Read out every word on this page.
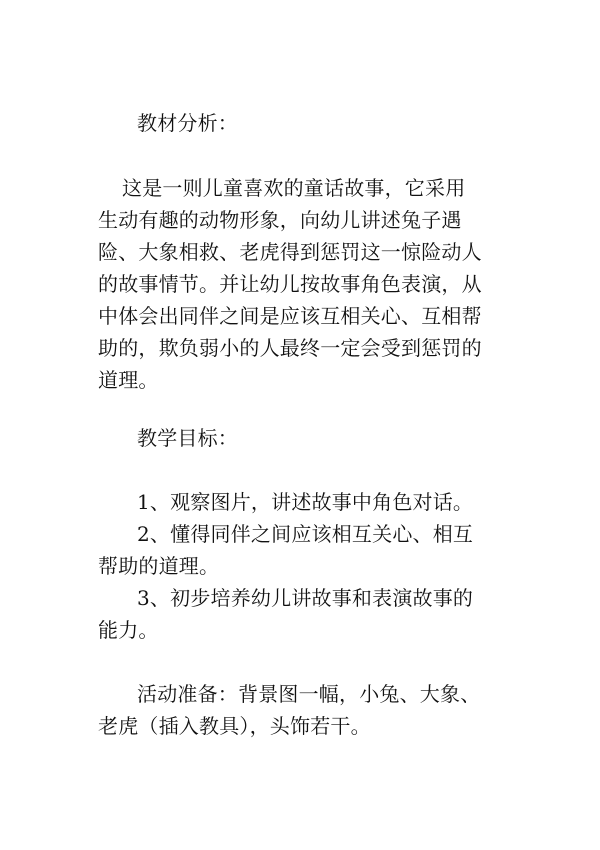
教材分析：
这是一则儿童喜欢的童话故事，它采用
生动有趣的动物形象，向幼儿讲述兔子遇
险、大象相救、老虎得到惩罚这一惊险动人
的故事情节。并让幼儿按故事角色表演，从
中体会出同伴之间是应该互相关心、互相帮
助的，欺负弱小的人最终一定会受到惩罚的
道理。
教学目标：
1、观察图片，讲述故事中角色对话。
2、懂得同伴之间应该相互关心、相互
帮助的道理。
3、初步培养幼儿讲故事和表演故事的
能力。
活动准备：背景图一幅，小兔、大象、
老虎（插入教具），头饰若干。
